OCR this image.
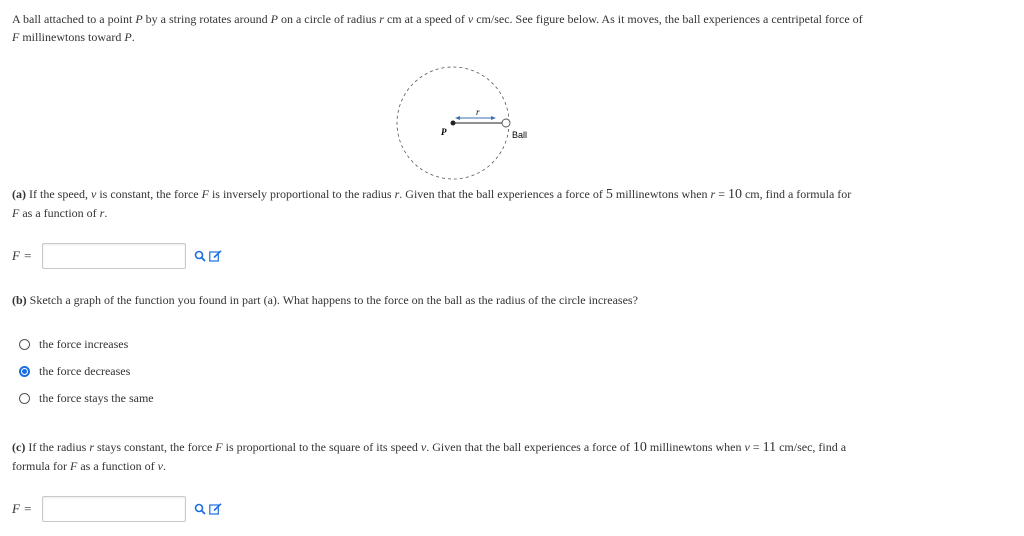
A ball attached to a point P by a string rotates around P on a circle of radius r cm at a speed of v cm/sec. See figure below. As it moves, the ball experiences a centripetal force of
F millinewtons toward P.
P
r
Ball
(a) If the speed, v is constant, the force F is inversely proportional to the radius r. Given that the ball experiences a force of 5 millinewtons when r = 10 cm, find a formula for
F as a function of r.
F =
(b) Sketch a graph of the function you found in part (a). What happens to the force on the ball as the radius of the circle increases?
the force increases
the force decreases
the force stays the same
(c) If the radius r stays constant, the force F is proportional to the square of its speed v. Given that the ball experiences a force of 10 millinewtons when v = 11 cm/sec, find a
formula for F as a function of v.
F =
